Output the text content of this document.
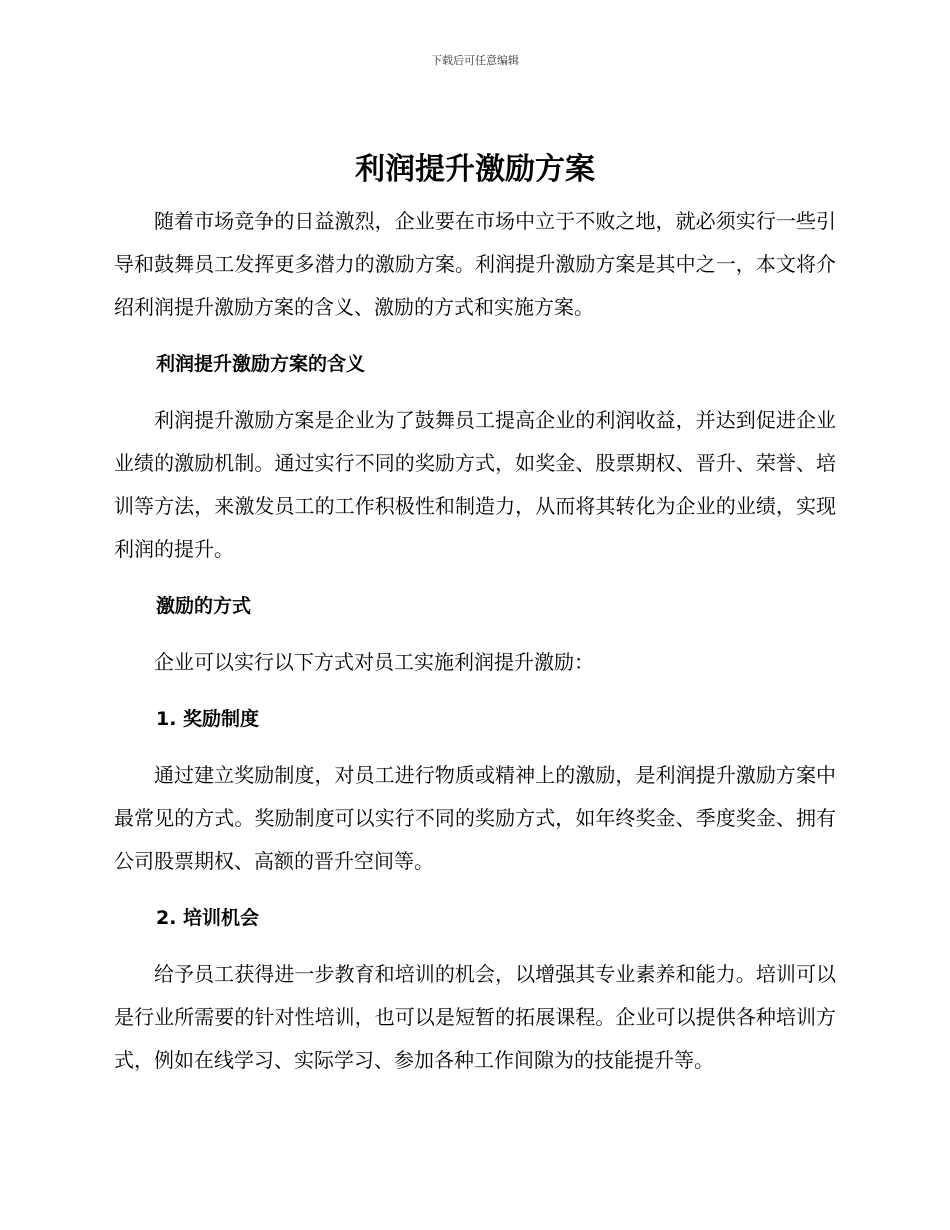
下载后可任意编辑
利润提升激励方案

随着市场竞争的日益激烈，企业要在市场中立于不败之地，就必须实行一些引导和鼓舞员工发挥更多潜力的激励方案。利润提升激励方案是其中之一，本文将介绍利润提升激励方案的含义、激励的方式和实施方案。

利润提升激励方案的含义

利润提升激励方案是企业为了鼓舞员工提高企业的利润收益，并达到促进企业业绩的激励机制。通过实行不同的奖励方式，如奖金、股票期权、晋升、荣誉、培训等方法，来激发员工的工作积极性和制造力，从而将其转化为企业的业绩，实现利润的提升。

激励的方式

企业可以实行以下方式对员工实施利润提升激励：

1. 奖励制度

通过建立奖励制度，对员工进行物质或精神上的激励，是利润提升激励方案中最常见的方式。奖励制度可以实行不同的奖励方式，如年终奖金、季度奖金、拥有公司股票期权、高额的晋升空间等。

2. 培训机会

给予员工获得进一步教育和培训的机会，以增强其专业素养和能力。培训可以是行业所需要的针对性培训，也可以是短暂的拓展课程。企业可以提供各种培训方式，例如在线学习、实际学习、参加各种工作间隙为的技能提升等。
